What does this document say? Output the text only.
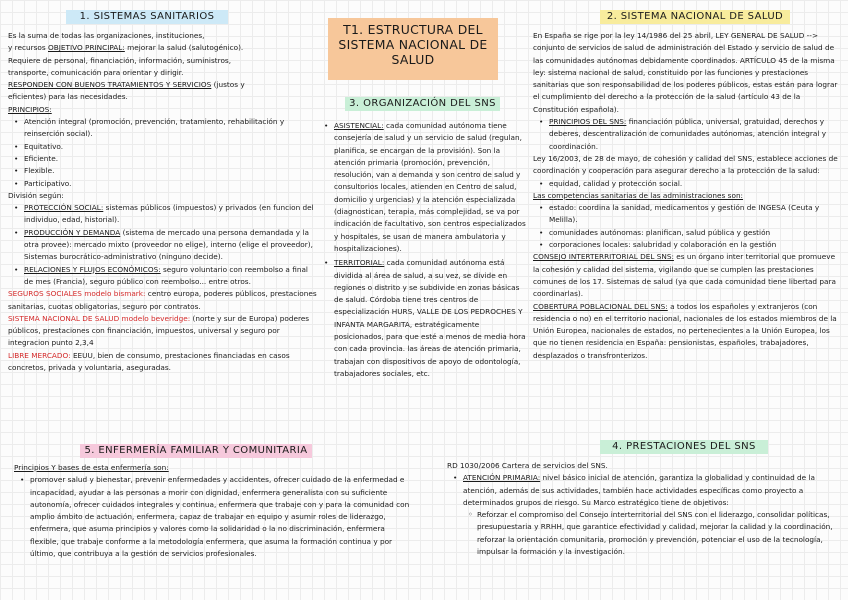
1. SISTEMAS SANITARIOS

Es la suma de todas las organizaciones, instituciones,

y recursos OBJETIVO PRINCIPAL: mejorar la salud (salutogénico).

Requiere de personal, financiación, información, suministros,

transporte, comunicación para orientar y dirigir.

RESPONDEN CON BUENOS TRATAMIENTOS Y SERVICIOS (justos y

eficientes) para las necesidades.

PRINCIPIOS:

• Atención integral (promoción, prevención, tratamiento, rehabilitación y reinserción social).
• Equitativo.
• Eficiente.
• Flexible.
• Participativo.

División según:

• PROTECCIÓN SOCIAL: sistemas públicos (impuestos) y privados (en funcion del individuo, edad, historial).
• PRODUCCIÓN Y DEMANDA (sistema de mercado una persona demandada y la otra provee): mercado mixto (proveedor no elige), interno (elige el proveedor), Sistemas burocrático-administrativo (ninguno decide).
• RELACIONES Y FLUJOS ECONÓMICOS: seguro voluntario con reembolso a final de mes (Francia), seguro público con reembolso... entre otros.

SEGUROS SOCIALES modelo bismark: centro europa, poderes públicos, prestaciones sanitarias, cuotas obligatorias, seguro por contratos.

SISTEMA NACIONAL DE SALUD modelo beveridge: (norte y sur de Europa) poderes públicos, prestaciones con financiación, impuestos, universal y seguro por integracion punto 2,3,4

LIBRE MERCADO: EEUU, bien de consumo, prestaciones financiadas en casos concretos, privada y voluntaria, aseguradas.

T1. ESTRUCTURA DEL SISTEMA NACIONAL DE SALUD
3. ORGANIZACIÓN DEL SNS
• ASISTENCIAL: cada comunidad autónoma tiene consejería de salud y un servicio de salud (regulan, planifica, se encargan de la provisión). Son la atención primaria (promoción, prevención, resolución, van a demanda y son centro de salud y consultorios locales, atienden en Centro de salud, domicilio y urgencias) y la atención especializada (diagnostican, terapia, más complejidad, se va por indicación de facultativo, son centros especializados y hospitales, se usan de manera ambulatoria y hospitalizaciones).
• TERRITORIAL: cada comunidad autónoma está dividida al área de salud, a su vez, se divide en regiones o distrito y se subdivide en zonas básicas de salud. Córdoba tiene tres centros de especialización HURS, VALLE DE LOS PEDROCHES Y INFANTA MARGARITA, estratégicamente posicionados, para que esté a menos de media hora con cada provincia. las áreas de atención primaria, trabajan con dispositivos de apoyo de odontología, trabajadores sociales, etc.
2. SISTEMA NACIONAL DE SALUD

En España se rige por la ley 14/1986 del 25 abril, LEY GENERAL DE SALUD --> conjunto de servicios de salud de administración del Estado y servicio de salud de las comunidades autónomas debidamente coordinados. ARTÍCULO 45 de la misma ley: sistema nacional de salud, constituido por las funciones y prestaciones sanitarias que son responsabilidad de los poderes públicos, estas están para lograr el cumplimiento del derecho a la protección de la salud (artículo 43 de la Constitución española).

• PRINCIPIOS DEL SNS: financiación pública, universal, gratuidad, derechos y deberes, descentralización de comunidades autónomas, atención integral y coordinación.

Ley 16/2003, de 28 de mayo, de cohesión y calidad del SNS, establece acciones de coordinación y cooperación para asegurar derecho a la protección de la salud:

• equidad, calidad y protección social.

Las competencias sanitarias de las administraciones son:

• estado: coordina la sanidad, medicamentos y gestión de INGESA (Ceuta y Melilla).
• comunidades autónomas: planifican, salud pública y gestión
• corporaciones locales: salubridad y colaboración en la gestión

CONSEJO INTERTERRITORIAL DEL SNS: es un órgano inter territorial que promueve la cohesión y calidad del sistema, vigilando que se cumplen las prestaciones comunes de los 17. Sistemas de salud (ya que cada comunidad tiene libertad para coordinarlas).

COBERTURA POBLACIONAL DEL SNS: a todos los españoles y extranjeros (con residencia o no) en el territorio nacional, nacionales de los estados miembros de la Unión Europea, nacionales de estados, no pertenecientes a la Unión Europea, los que no tienen residencia en España: pensionistas, españoles, trabajadores, desplazados o transfronterizos.

5. ENFERMERÍA FAMILIAR Y COMUNITARIA

Principios Y bases de esta enfermería son:

• promover salud y bienestar, prevenir enfermedades y accidentes, ofrecer cuidado de la enfermedad e incapacidad, ayudar a las personas a morir con dignidad, enfermera generalista con su suficiente autonomía, ofrecer cuidados integrales y continua, enfermera que trabaje con y para la comunidad con amplio ámbito de actuación, enfermera, capaz de trabajar en equipo y asumir roles de liderazgo, enfermera, que asuma principios y valores como la solidaridad o la no discriminación, enfermera flexible, que trabaje conforme a la metodología enfermera, que asuma la formación continua y por último, que contribuya a la gestión de servicios profesionales.
4. PRESTACIONES DEL SNS

RD 1030/2006 Cartera de servicios del SNS.

• ATENCIÓN PRIMARIA: nivel básico inicial de atención, garantiza la globalidad y continuidad de la atención, además de sus actividades, también hace actividades específicas como proyecto a determinados grupos de riesgo. Su Marco estratégico tiene de objetivos:
◦ Reforzar el compromiso del Consejo interterritorial del SNS con el liderazgo, consolidar políticas, presupuestaria y RRHH, que garantice efectividad y calidad, mejorar la calidad y la coordinación, reforzar la orientación comunitaria, promoción y prevención, potenciar el uso de la tecnología, impulsar la formación y la investigación.
